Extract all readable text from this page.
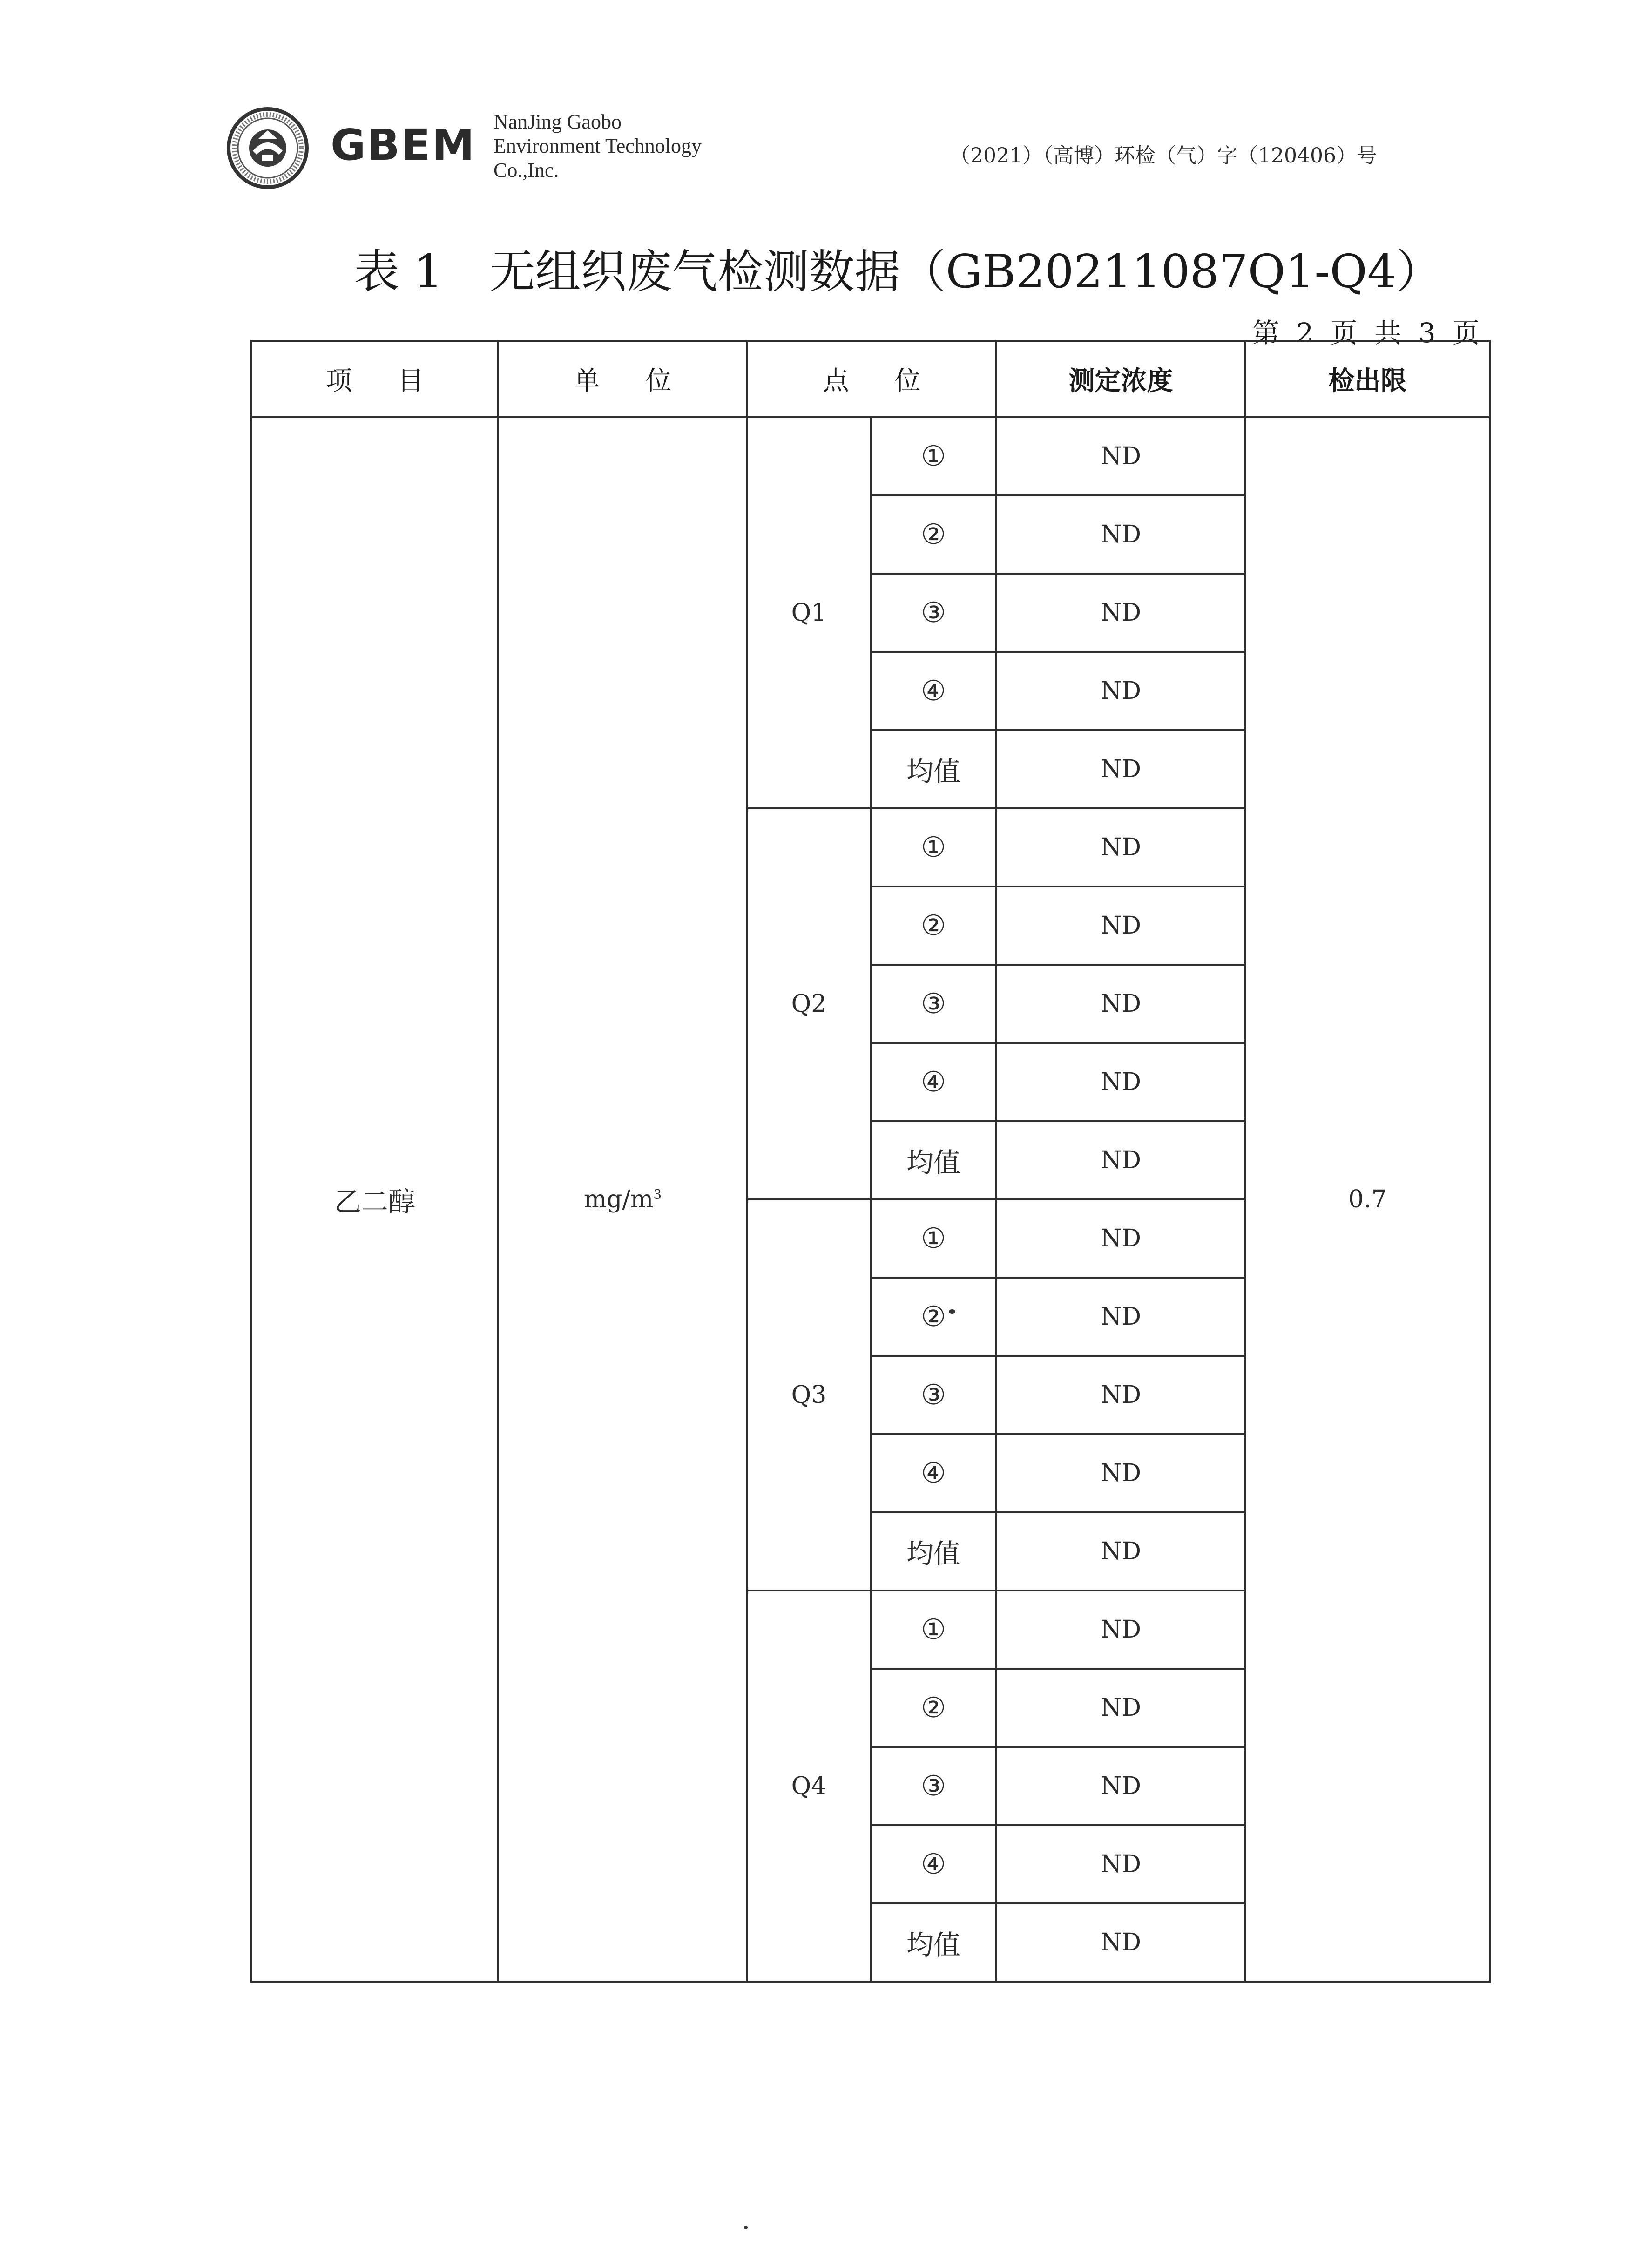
GBEM NanJing Gaobo
Environment Technology
Co.,Inc.
（2021）（高博）环检（气）字（120406）号
表 1 无组织废气检测数据（GB20211087Q1-Q4）
第 2 页 共 3 页
项 目	单 位	点 位		测定浓度	检出限
乙二醇	$mg/m^3$	Q1	①	ND	0.7
			②	ND	
			③	ND	
			④	ND	
			均值	ND	
		Q2	①	ND	
			②	ND	
			③	ND	
			④	ND	
			均值	ND	
		Q3	①	ND	
			②	ND	
			③	ND	
			④	ND	
			均值	ND	
		Q4	①	ND	
			②	ND	
			③	ND	
			④	ND	
			均值	ND	
